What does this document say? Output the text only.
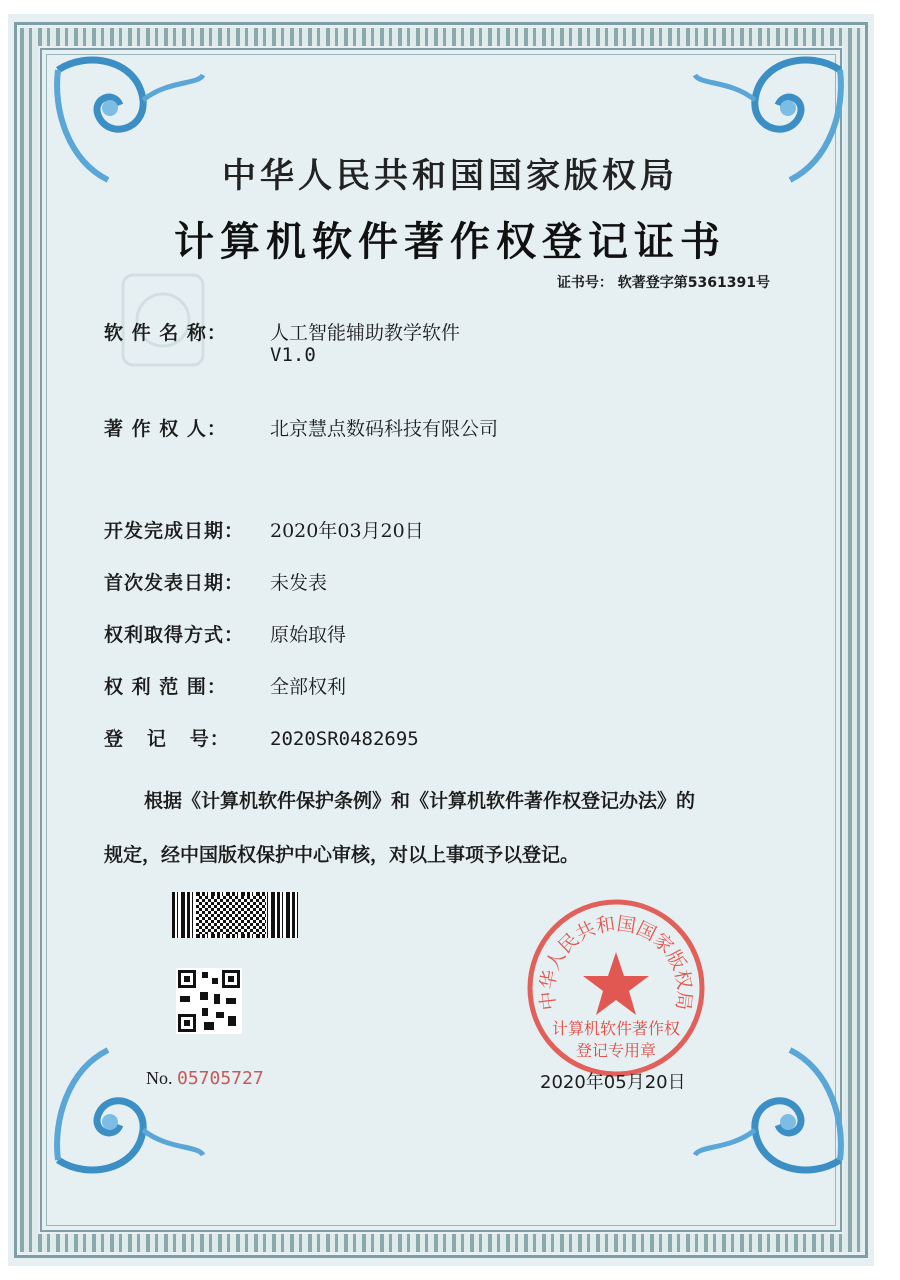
中华人民共和国国家版权局
计算机软件著作权登记证书
证书号： 软著登字第5361391号
软 件 名 称： 人工智能辅助教学软件
V1.0
著 作 权 人： 北京慧点数码科技有限公司
开发完成日期： 2020年03月20日
首次发表日期： 未发表
权利取得方式： 原始取得
权 利 范 围： 全部权利
登   记   号： 2020SR0482695
根据《计算机软件保护条例》和《计算机软件著作权登记办法》的
规定，经中国版权保护中心审核，对以上事项予以登记。
中华人民共和国国家版权局
计算机软件著作权
登记专用章
No. 05705727	2020年05月20日
